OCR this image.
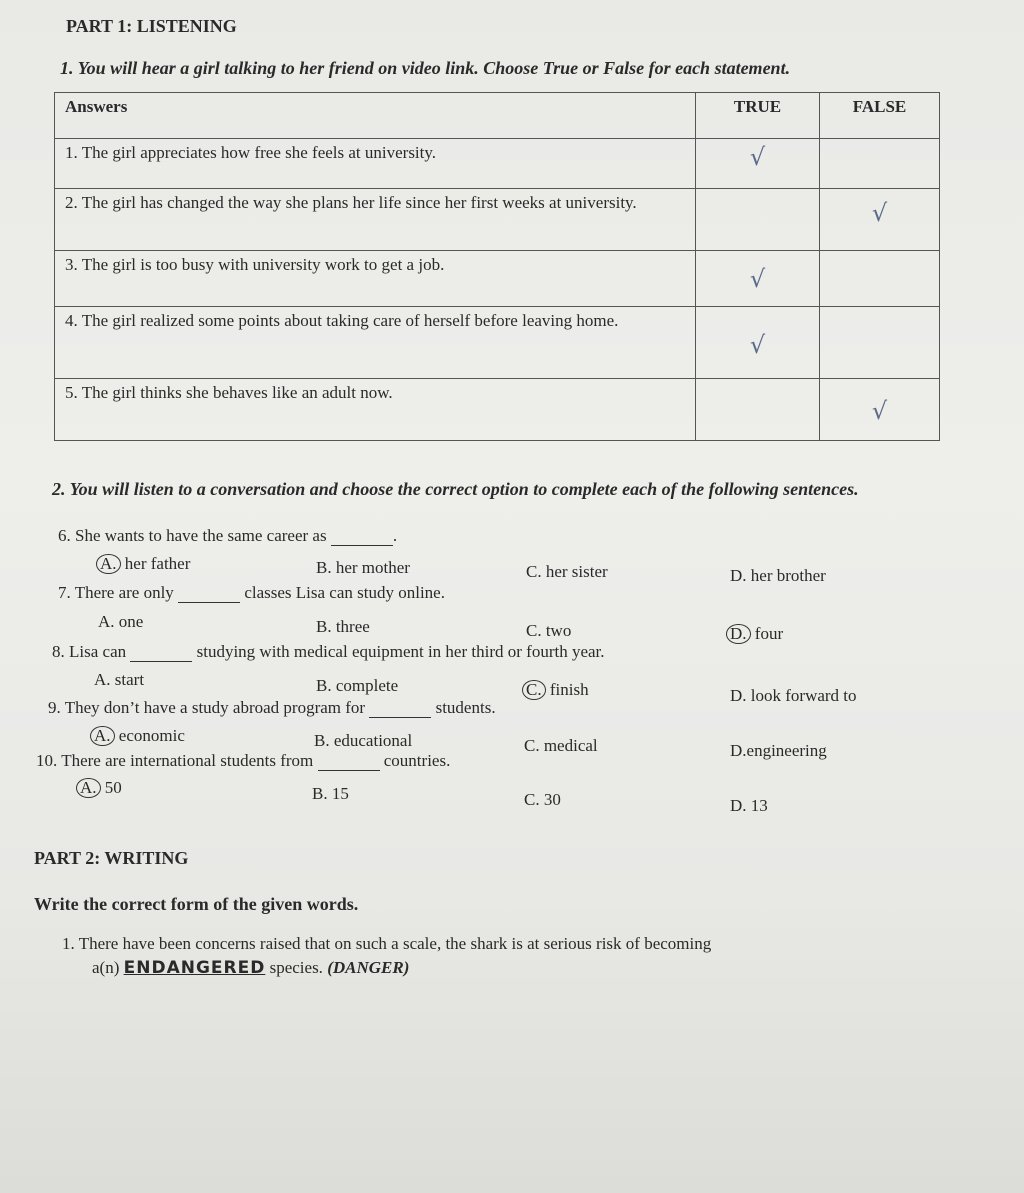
PART 1: LISTENING
1. You will hear a girl talking to her friend on video link. Choose True or False for each statement.
Answers	TRUE	FALSE
1. The girl appreciates how free she feels at university.	√	

2. The girl has changed the way she plans her life since her first weeks at university.		√

3. The girl is too busy with university work to get a job.	√	

4. The girl realized some points about taking care of herself before leaving home.	√	

5. The girl thinks she behaves like an adult now.		√
2. You will listen to a conversation and choose the correct option to complete each of the following sentences.
6. She wants to have the same career as	.
A. her father	B. her mother	C. her sister	D. her brother
7. There are only	classes Lisa can study online.
A. one	B. three	C. two	D. four
8. Lisa can	studying with medical equipment in her third or fourth year.
A. start	B. complete	C. finish	D. look forward to
9. They don’t have a study abroad program for	students.
A. economic	B. educational	C. medical	D.engineering
10. There are international students from	countries.
A. 50	B. 15	C. 30	D. 13
PART 2: WRITING
Write the correct form of the given words.
1. There have been concerns raised that on such a scale, the shark is at serious risk of becoming
a(n) ENDANGERED species. (DANGER)
